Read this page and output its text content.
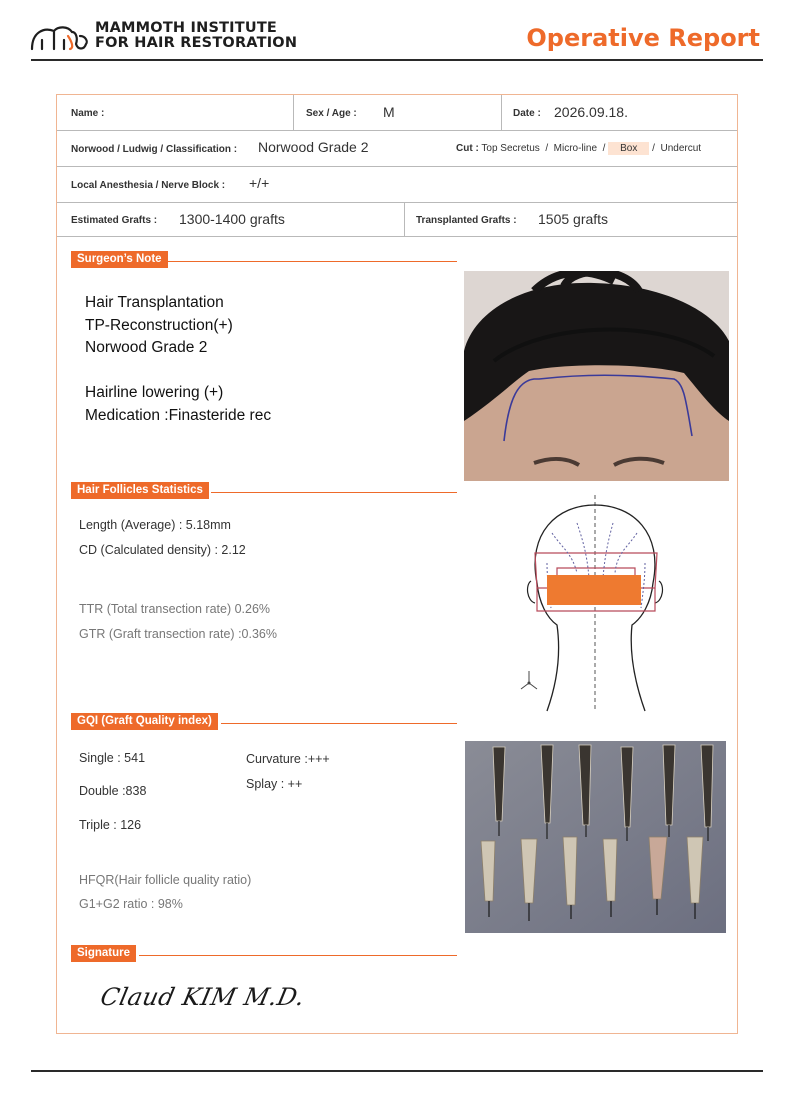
MAMMOTH INSTITUTE
FOR HAIR RESTORATION	Operative Report
Name :	Sex / Age : M	Date : 2026.09.18.
Norwood / Ludwig / Classification : Norwood Grade 2	Cut : Top Secretus / Micro-line / Box / Undercut
Local Anesthesia / Nerve Block : +/+
Estimated Grafts : 1300-1400 grafts	Transplanted Grafts : 1505 grafts
Surgeon’s Note
Hair Transplantation
TP-Reconstruction(+)
Norwood Grade 2
Hairline lowering (+)
Medication :Finasteride rec
Hair Follicles Statistics
Length (Average) : 5.18mm
CD (Calculated density) : 2.12
TTR (Total transection rate) 0.26%
GTR (Graft transection rate) :0.36%
GQI (Graft Quality index)
Single : 541
Double :838
Triple : 126
Curvature :+++
Splay : ++
HFQR(Hair follicle quality ratio)
G1+G2 ratio : 98%
Signature
Claud KIM M.D.
